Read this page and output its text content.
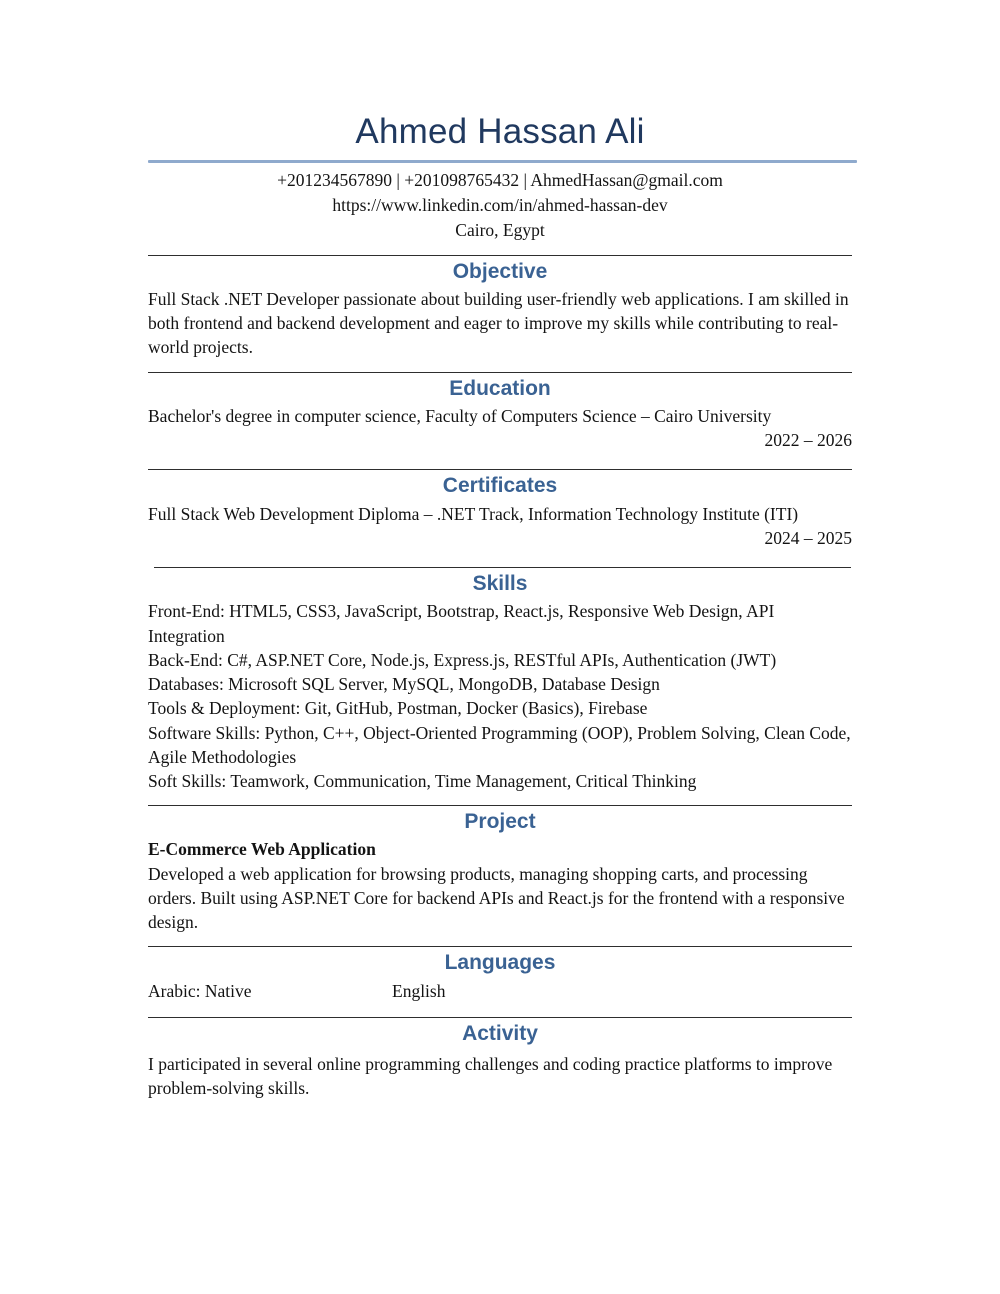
Ahmed Hassan Ali
+201234567890 | +201098765432 | AhmedHassan@gmail.com
https://www.linkedin.com/in/ahmed-hassan-dev
Cairo, Egypt
Objective
Full Stack .NET Developer passionate about building user-friendly web applications. I am skilled in both frontend and backend development and eager to improve my skills while contributing to real-world projects.
Education
Bachelor's degree in computer science, Faculty of Computers Science – Cairo University
2022 – 2026
Certificates
Full Stack Web Development Diploma – .NET Track, Information Technology Institute (ITI)
2024 – 2025
Skills
Front-End: HTML5, CSS3, JavaScript, Bootstrap, React.js, Responsive Web Design, API Integration
Back-End: C#, ASP.NET Core, Node.js, Express.js, RESTful APIs, Authentication (JWT)
Databases: Microsoft SQL Server, MySQL, MongoDB, Database Design
Tools & Deployment: Git, GitHub, Postman, Docker (Basics), Firebase
Software Skills: Python, C++, Object-Oriented Programming (OOP), Problem Solving, Clean Code, Agile Methodologies
Soft Skills: Teamwork, Communication, Time Management, Critical Thinking
Project
E-Commerce Web Application
Developed a web application for browsing products, managing shopping carts, and processing orders. Built using ASP.NET Core for backend APIs and React.js for the frontend with a responsive design.
Languages
Arabic: Native	English
Activity
I participated in several online programming challenges and coding practice platforms to improve problem-solving skills.
